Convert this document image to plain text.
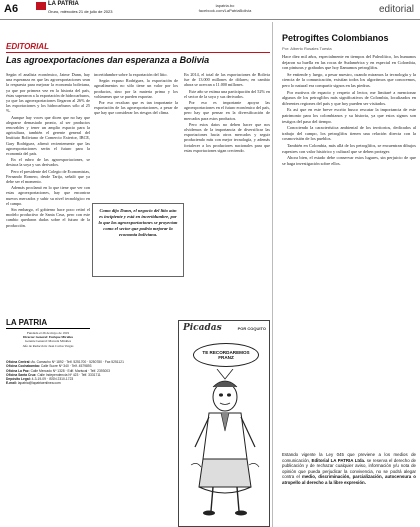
A6	LA PATRIA
Oruro, miércoles 21 de julio de 2023
lapatria.bo
facebook.com/LaPatriaBolivia	editorial
EDITORIAL
Las agroexportaciones dan esperanza a Bolivia

Según el analista económico, Jaime Dunn, hay una esperanza en que las agroexportaciones sean la respuesta para mejorar la economía boliviana, ya que por primera vez en la historia del país, éstas superaron a la exportación de hidrocarburos, ya que las agroexportaciones llegaron al 26% de las exportaciones y los hidrocarburos sólo al 25 %.

Aunque hay voces que dicen que no hay que alegrarse demasiado pronto, al ser productos renovables y tener un amplio espacio para la agricultura, también el gerente general del Instituto Boliviano de Comercio Exterior, IBCE, Gary Rodríguez, afirmó recientemente que las agroexportaciones serán el futuro para la economía del país.

En el rubro de las agroexportaciones, se destaca la soya y sus derivados.

Pero el presidente del Colegio de Economistas, Fernando Romero, desde Tarija, señaló que ya debe ser el momento.

Además proclamó en lo que tiene que ver con estas agroexportaciones, hay que encontrar nuevos mercados y subir su nivel tecnológico en el campo.

Sin embargo, el gobierno hace poco retiró el modelo productivo de Santa Cruz, pero con este cambio quedaron dudas sobre el futuro de la producción.

incertidumbre sobre la exportación del litio.

Según expuso Rodríguez, la exportación de agroalimentos no sólo tiene un valor por los productos, sino por la materia prima y los volúmenes que se pueden exportar.

Por eso recalcan que es tan importante la exportación de las agroexportaciones, a pesar de que hay que considerar los riesgos del clima.

En 2014, el total de las exportaciones de Bolivia fue de 13.000 millones de dólares; en cambio ahora se acercan a 11.000 millones.

Este año se estima una participación del 52% en el sector de la soya y sus derivados.

Por eso es importante apoyar las agroexportaciones en el futuro económico del país, pero hay que pensar en la diversificación de mercados para estos productos.

Pero estos datos no deben hacer que nos olvidemos de la importancia de diversificar las exportaciones hacia otros mercados y seguir produciendo más con mejor tecnología, y además fortalecer a los productores nacionales para que estas exportaciones sigan creciendo.

Como dijo Dunn, el negocio del litio aún es incipiente y está en incertidumbre, por lo que las agroexportaciones se proyectan como el sector que podría mejorar la economía boliviana.
Petrogiftes Colombianos
Por: Alberto Rosales Tuesta

Hace diez mil años, especialmente en tiempos del Paleolítico, los humanos dejaron su huella en las rocas de Sudamérica y en especial en Colombia, con pinturas y grabados que hoy llamamos petroglifos.

Se entiende y luego, a pesar nuestro, cuando miramos la tecnología y la ciencia de la comunicación, existían todos los algoritmos que conocemos, pero lo natural era compartir signos en las piedras.

Por motivos de espacio y respeto al lector, me limitaré a mencionar algunos de los petroglifos más significativos de Colombia, localizados en diferentes regiones del país y que hoy pueden ser visitados.

Es así que en este breve escrito busco rescatar la importancia de este patrimonio para los colombianos y su historia, ya que estos signos son testigos del paso del tiempo.

Conociendo la característica ambiental de los territorios, dedicados al trabajo del campo, los petroglifos tienen una relación directa con la cosmovisión de los pueblos.

También en Colombia, más allá de los petroglifos, se encuentran dibujos rupestres con valor histórico y cultural que se deben proteger.

Ahora bien, el estado debe conservar estos lugares, sin perjuicio de que se haga investigación sobre ellos.

LA PATRIA
Fundada el 26 de mayo de 1919
Director General: Enrique Miralles
Gerente General: Marcela Miralles
Jefe de Redacción: Juan Carlos Vargas
Oficina Central: Av. Camacho Nº 1892 · Telf. 5251700 · 5250780 · Fax 5251121
Oficina Cochabamba: Calle Sucre Nº 340 · Telf. 4579893
Oficina La Paz: Calle Mercado Nº 1328 · Edif. Mariscal · Telf. 2393003
Oficina Santa Cruz: Calle Independencia Nº 423 · Telf. 3331711
Depósito Legal: 4-3-19-09 · ISSN 2310-1723
E-mail: lapatria@lapatriaenlinea.com
Picadas	POR COQUITO
TE RECORDAREMOS
FRANZ
Estando vigente la Ley 045 que previene a los medios de comunicación, Editorial LA PATRIA Ltda. se reserva el derecho de publicación y de rechazar cualquier aviso, información y/u nota de opinión que pueda perjudicar la convivencia, no se podrá alegar contra el medio, discriminación, parcialización, autocensura o atropello al derecho a la libre expresión.
